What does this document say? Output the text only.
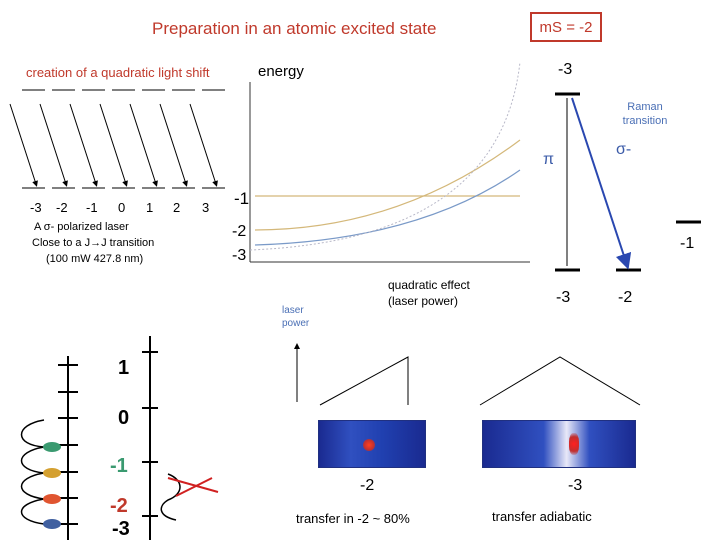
Preparation in an atomic excited state	mS = -2
creation of a quadratic light shift	energy
-3 -2 -1 0 1 2 3
A σ- polarized laser
Close to a J→J transition
(100 mW 427.8 nm)
-1
-2
-3
-3
-1
-3	-2
Raman transition
π
σ-
laser power
quadratic effect (laser power)
1
0
-1
-2
-3
-2	-3
transfer in -2 ~ 80%	transfer adiabatic
